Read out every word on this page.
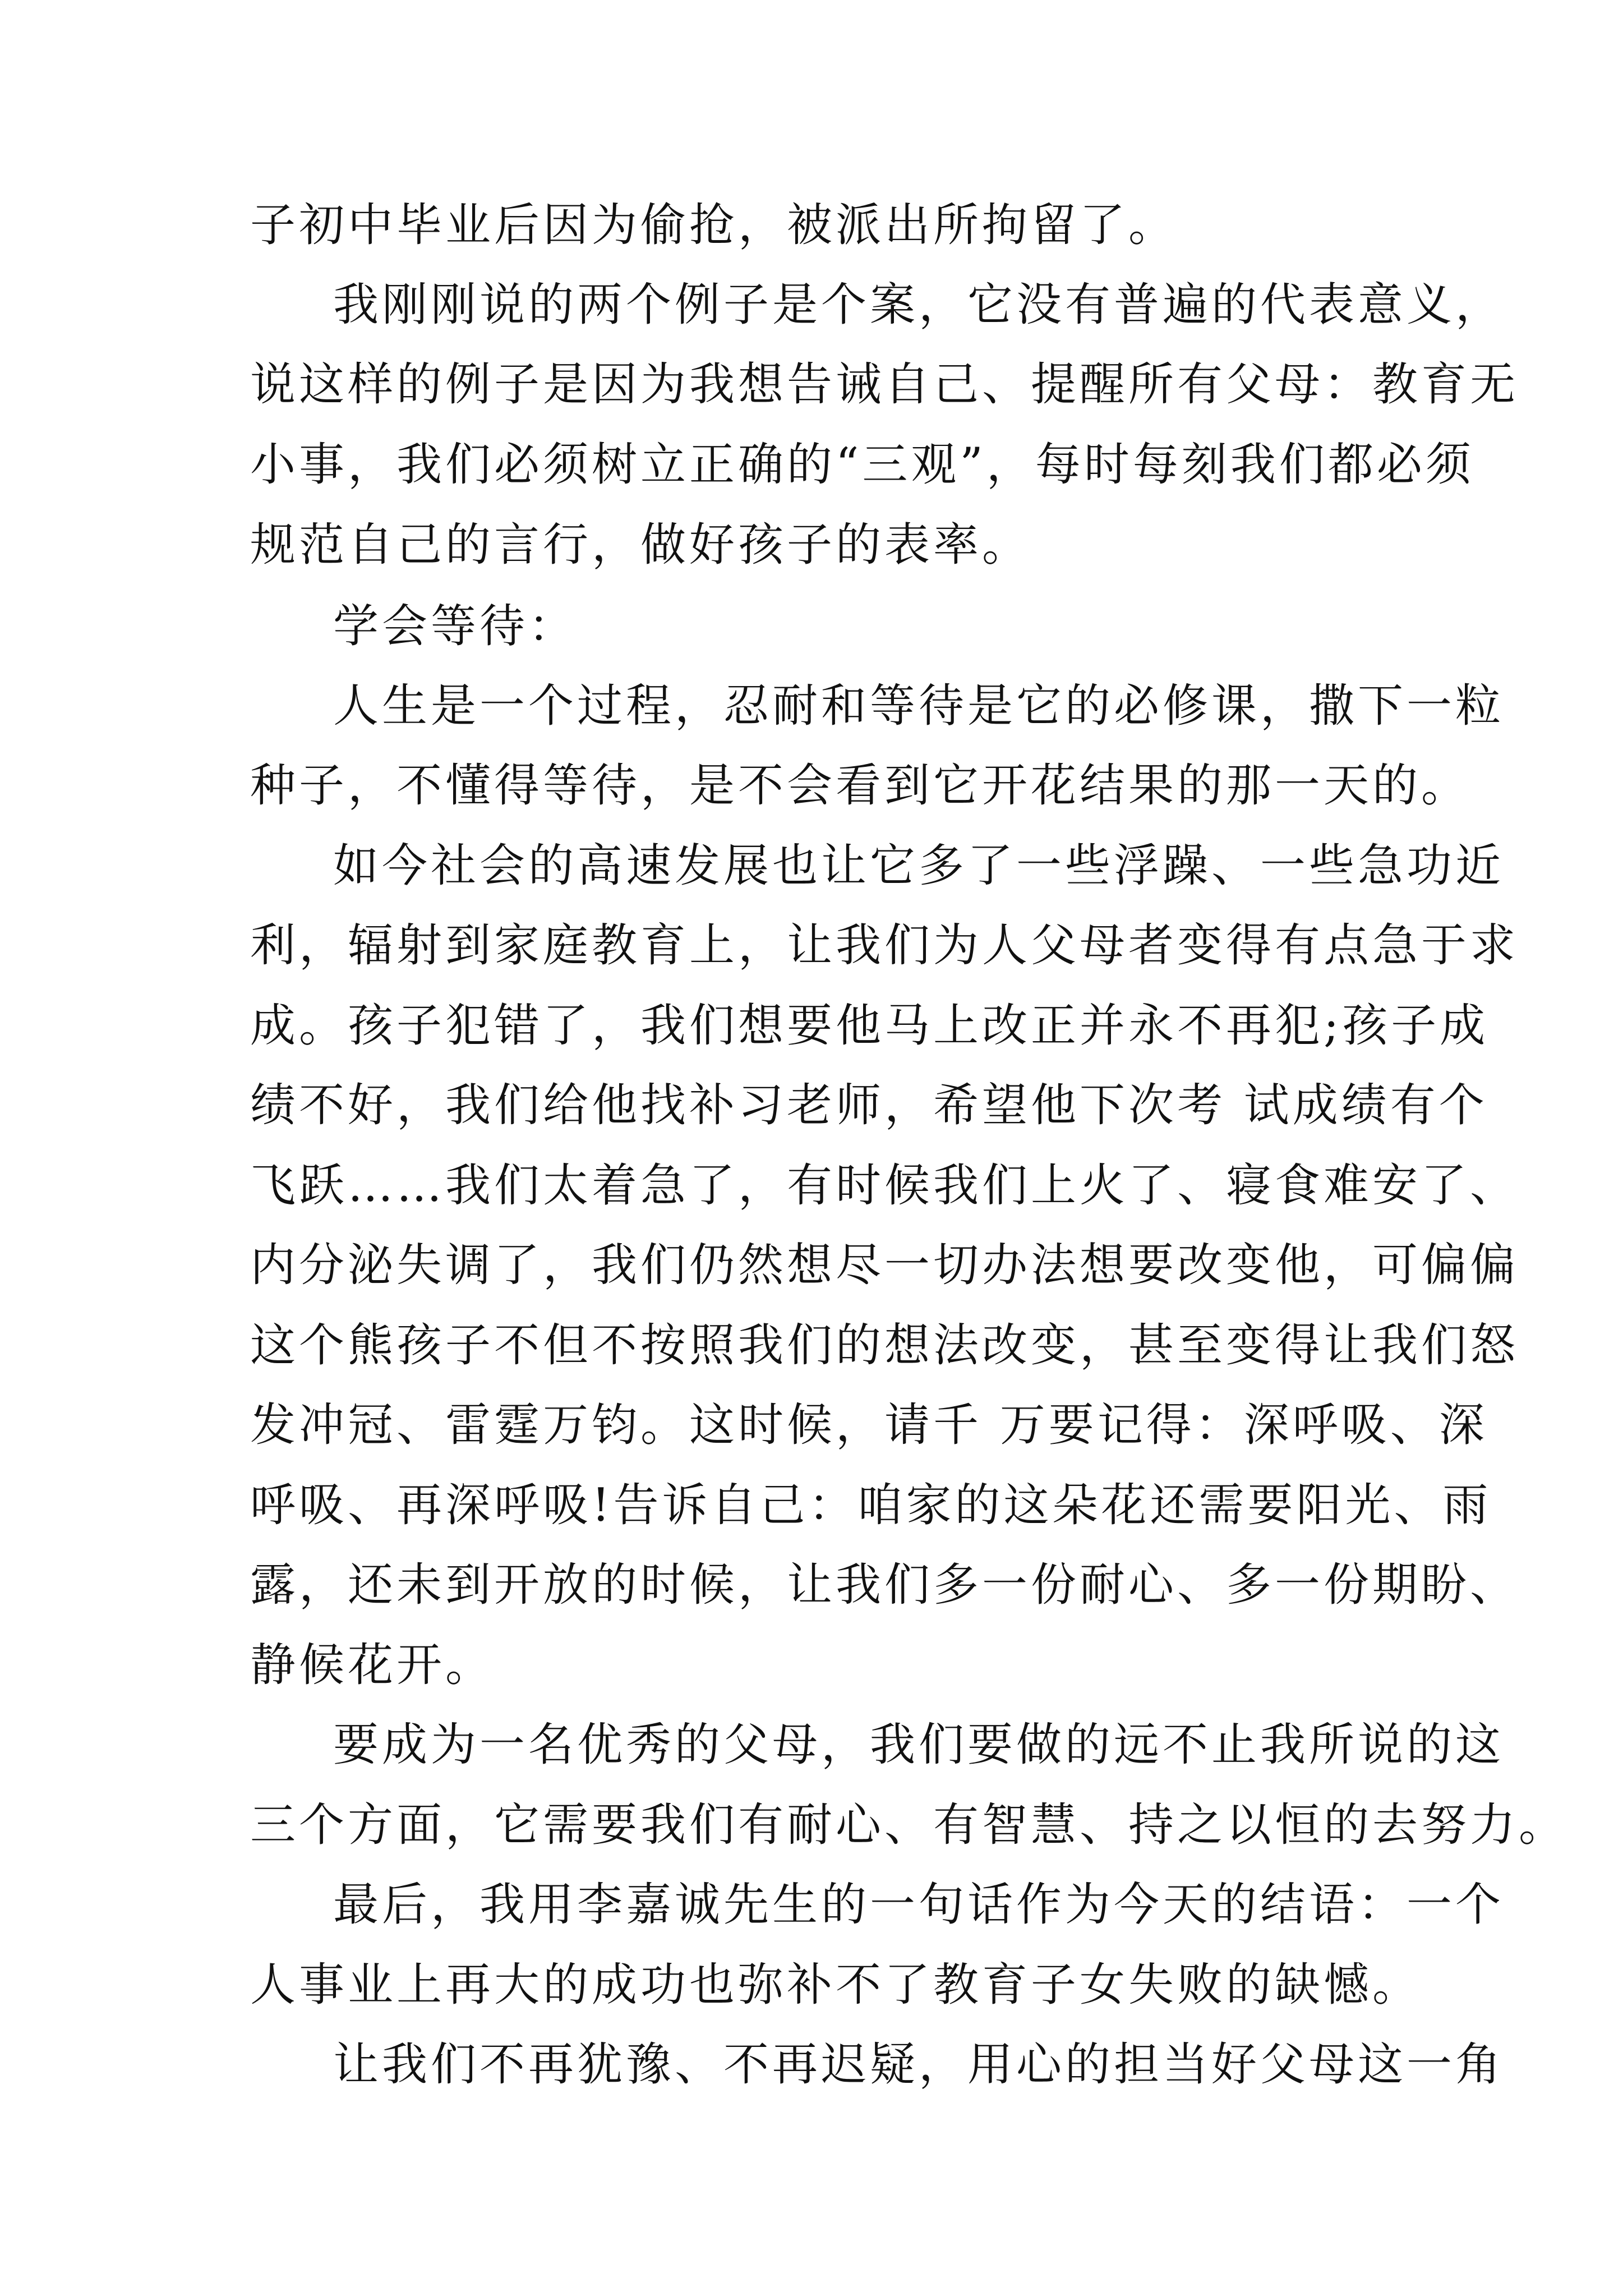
子初中毕业后因为偷抢，被派出所拘留了。

我刚刚说的两个例子是个案，它没有普遍的代表意义，

说这样的例子是因为我想告诫自己、提醒所有父母：教育无

小事，我们必须树立正确的“三观”，每时每刻我们都必须

规范自己的言行，做好孩子的表率。

学会等待：

人生是一个过程，忍耐和等待是它的必修课，撒下一粒

种子，不懂得等待，是不会看到它开花结果的那一天的。

如今社会的高速发展也让它多了一些浮躁、一些急功近

利，辐射到家庭教育上，让我们为人父母者变得有点急于求

成。孩子犯错了，我们想要他马上改正并永不再犯;孩子成

绩不好，我们给他找补习老师，希望他下次考 试成绩有个

飞跃……我们太着急了，有时候我们上火了、寝食难安了、

内分泌失调了，我们仍然想尽一切办法想要改变他，可偏偏

这个熊孩子不但不按照我们的想法改变，甚至变得让我们怒

发冲冠、雷霆万钧。这时候，请千 万要记得：深呼吸、深

呼吸、再深呼吸!告诉自己：咱家的这朵花还需要阳光、雨

露，还未到开放的时候，让我们多一份耐心、多一份期盼、

静候花开。

要成为一名优秀的父母，我们要做的远不止我所说的这

三个方面，它需要我们有耐心、有智慧、持之以恒的去努力。

最后，我用李嘉诚先生的一句话作为今天的结语：一个

人事业上再大的成功也弥补不了教育子女失败的缺憾。

让我们不再犹豫、不再迟疑，用心的担当好父母这一角
